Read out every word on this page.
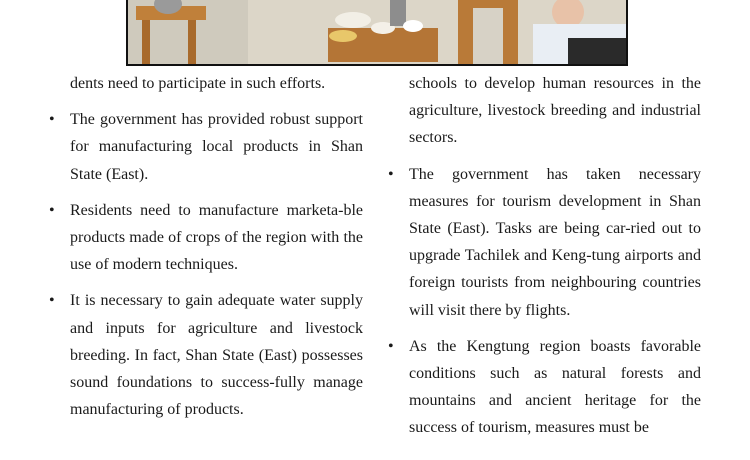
dents need to participate in such efforts.

• The government has provided robust support for manufacturing local products in Shan State (East).
• Residents need to manufacture marketa-ble products made of crops of the region with the use of modern techniques.
• It is necessary to gain adequate water supply and inputs for agriculture and livestock breeding. In fact, Shan State (East) possesses sound foundations to success-fully manage manufacturing of products.

schools to develop human resources in the agriculture, livestock breeding and industrial sectors.

• The government has taken necessary measures for tourism development in Shan State (East). Tasks are being car-ried out to upgrade Tachilek and Keng-tung airports and foreign tourists from neighbouring countries will visit there by flights.
• As the Kengtung region boasts favorable conditions such as natural forests and mountains and ancient heritage for the success of tourism, measures must be
